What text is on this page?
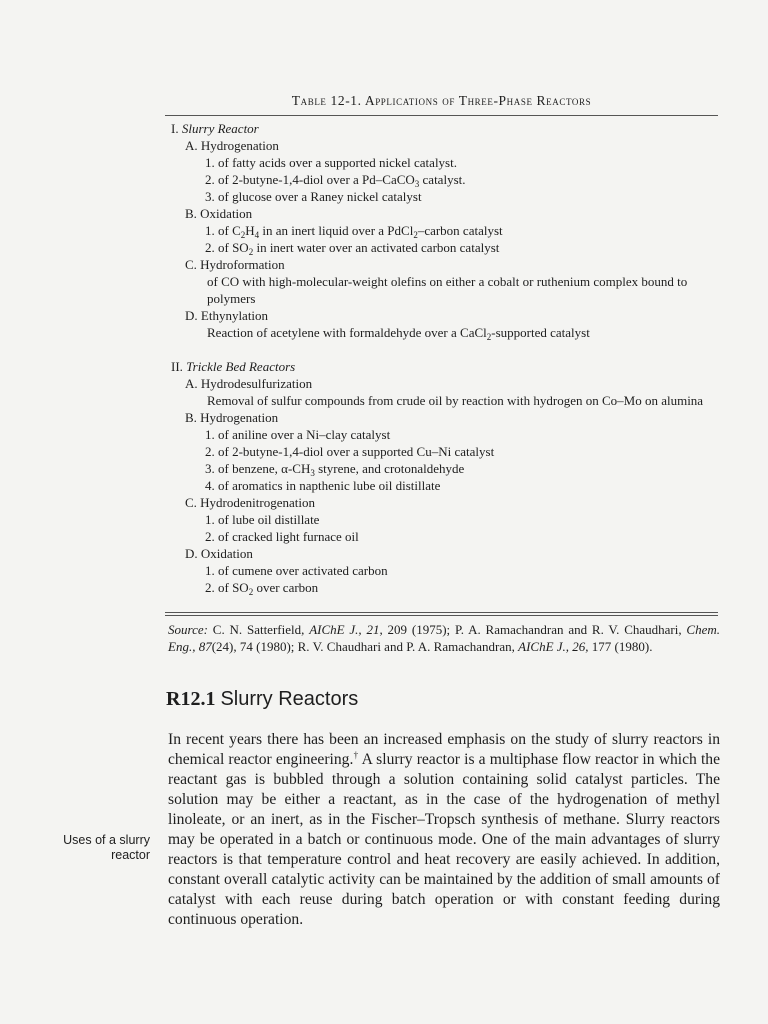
Table 12-1. Applications of Three-Phase Reactors
I. Slurry Reactor
A. Hydrogenation
1. of fatty acids over a supported nickel catalyst.
2. of 2-butyne-1,4-diol over a Pd–CaCO$_3$ catalyst.
3. of glucose over a Raney nickel catalyst
B. Oxidation
1. of $C_2H_4$ in an inert liquid over a PdCl$_2$–carbon catalyst
2. of $SO_2$ in inert water over an activated carbon catalyst
C. Hydroformation
of CO with high-molecular-weight olefins on either a cobalt or ruthenium complex bound to polymers
D. Ethynylation
Reaction of acetylene with formaldehyde over a CaCl$_2$-supported catalyst
II. Trickle Bed Reactors
A. Hydrodesulfurization
Removal of sulfur compounds from crude oil by reaction with hydrogen on Co–Mo on alumina
B. Hydrogenation
1. of aniline over a Ni–clay catalyst
2. of 2-butyne-1,4-diol over a supported Cu–Ni catalyst
3. of benzene, $\alpha-CH_3$ styrene, and crotonaldehyde
4. of aromatics in napthenic lube oil distillate
C. Hydrodenitrogenation
1. of lube oil distillate
2. of cracked light furnace oil
D. Oxidation
1. of cumene over activated carbon
2. of $SO_2$ over carbon
Source: C. N. Satterfield, AIChE J., 21, 209 (1975); P. A. Ramachandran and R. V. Chaudhari, Chem. Eng., 87(24), 74 (1980); R. V. Chaudhari and P. A. Ramachandran, AIChE J., 26, 177 (1980).
R12.1 Slurry Reactors
Uses of a slurry
reactor
In recent years there has been an increased emphasis on the study of slurry reactors in chemical reactor engineering.† A slurry reactor is a multiphase flow reactor in which the reactant gas is bubbled through a solution containing solid catalyst particles. The solution may be either a reactant, as in the case of the hydrogenation of methyl linoleate, or an inert, as in the Fischer–Tropsch synthesis of methane. Slurry reactors may be operated in a batch or continuous mode. One of the main advantages of slurry reactors is that temperature control and heat recovery are easily achieved. In addition, constant overall catalytic activity can be maintained by the addition of small amounts of catalyst with each reuse during batch operation or with constant feeding during continuous operation.
